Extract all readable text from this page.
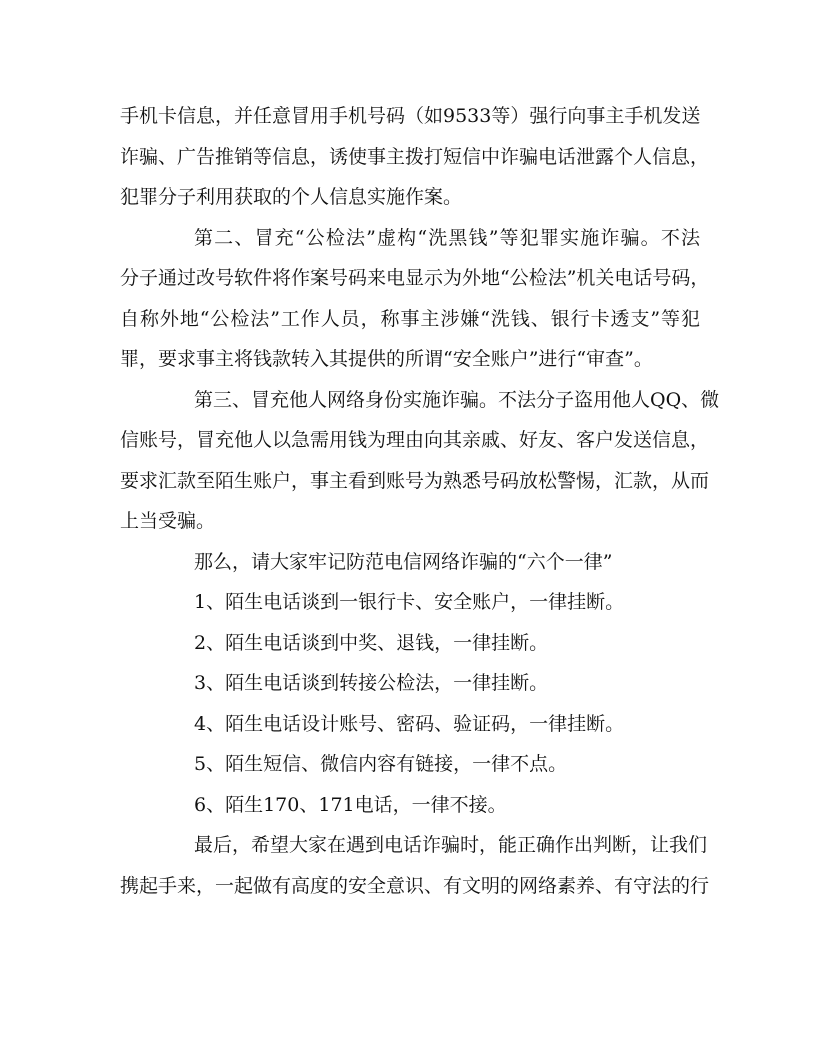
手机卡信息，并任意冒用手机号码（如9533等）强行向事主手机发送

诈骗、广告推销等信息，诱使事主拨打短信中诈骗电话泄露个人信息，

犯罪分子利用获取的个人信息实施作案。

第二、冒充“公检法”虚构“洗黑钱”等犯罪实施诈骗。不法

分子通过改号软件将作案号码来电显示为外地“公检法”机关电话号码，

自称外地“公检法”工作人员，称事主涉嫌“洗钱、银行卡透支”等犯

罪，要求事主将钱款转入其提供的所谓“安全账户”进行“审查”。

第三、冒充他人网络身份实施诈骗。不法分子盗用他人QQ、微

信账号，冒充他人以急需用钱为理由向其亲戚、好友、客户发送信息，

要求汇款至陌生账户，事主看到账号为熟悉号码放松警惕，汇款，从而

上当受骗。

那么，请大家牢记防范电信网络诈骗的“六个一律”

1、陌生电话谈到一银行卡、安全账户，一律挂断。

2、陌生电话谈到中奖、退钱，一律挂断。

3、陌生电话谈到转接公检法，一律挂断。

4、陌生电话设计账号、密码、验证码，一律挂断。

5、陌生短信、微信内容有链接，一律不点。

6、陌生170、171电话，一律不接。

最后，希望大家在遇到电话诈骗时，能正确作出判断，让我们

携起手来，一起做有高度的安全意识、有文明的网络素养、有守法的行
